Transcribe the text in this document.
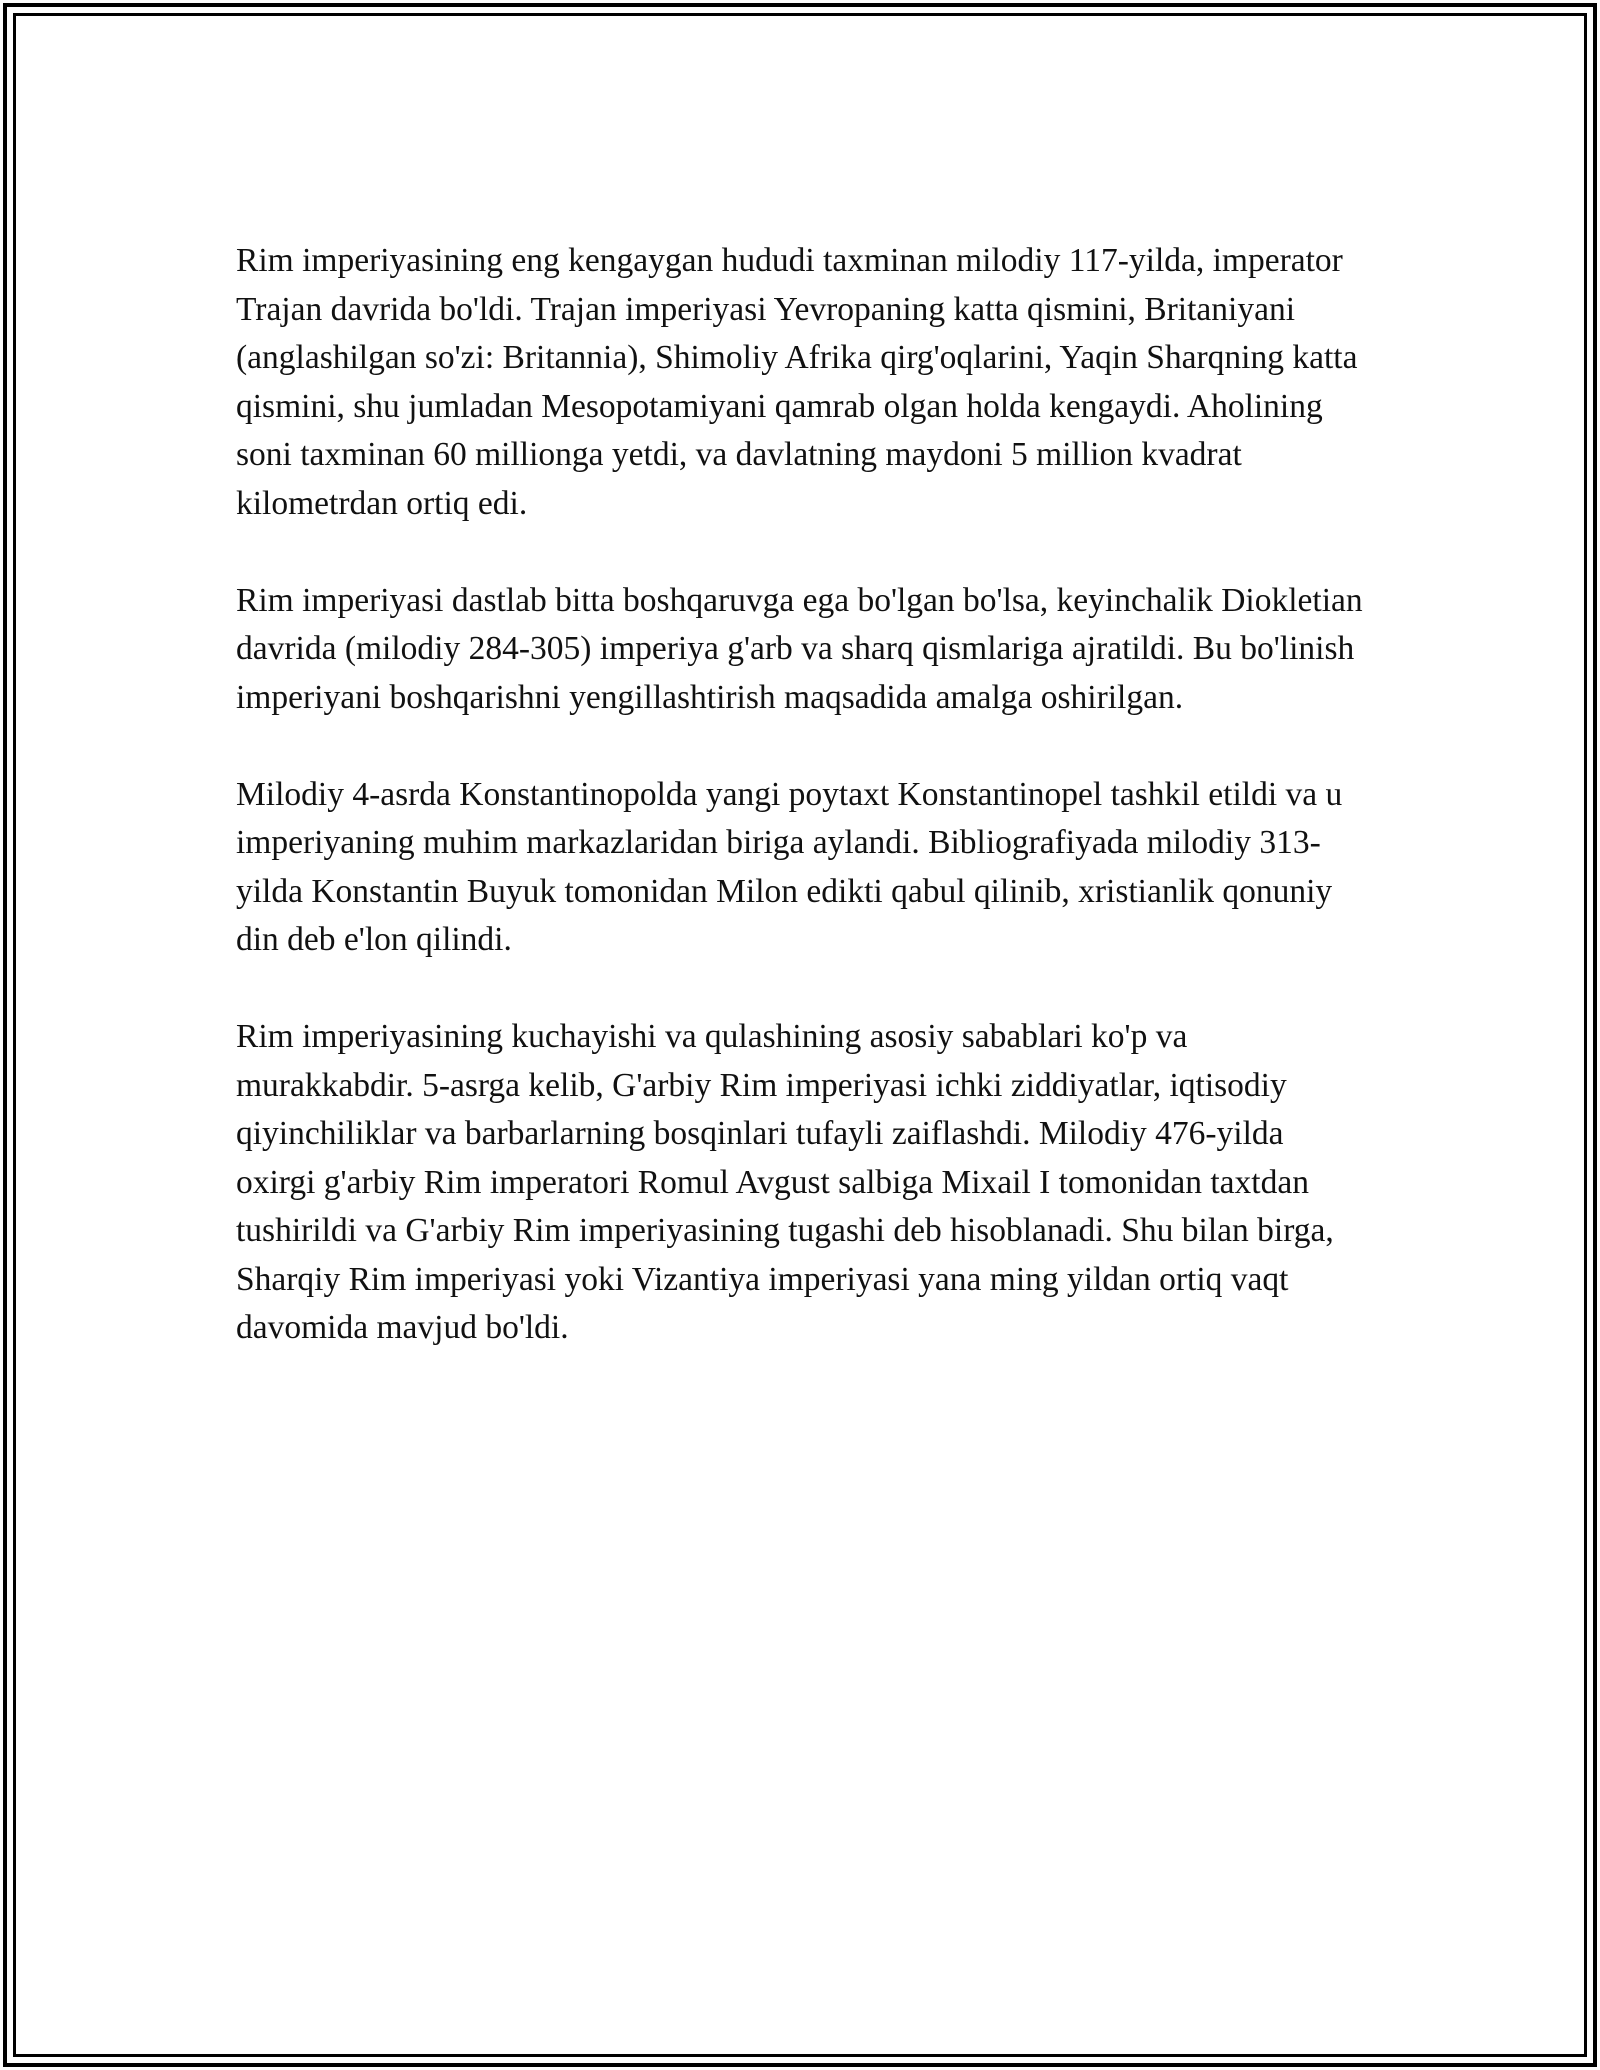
Rim imperiyasining eng kengaygan hududi taxminan milodiy 117-yilda, imperator Trajan davrida bo'ldi. Trajan imperiyasi Yevropaning katta qismini, Britaniyani (anglashilgan so'zi: Britannia), Shimoliy Afrika qirg'oqlarini, Yaqin Sharqning katta qismini, shu jumladan Mesopotamiyani qamrab olgan holda kengaydi. Aholining soni taxminan 60 millionga yetdi, va davlatning maydoni 5 million kvadrat kilometrdan ortiq edi.

Rim imperiyasi dastlab bitta boshqaruvga ega bo'lgan bo'lsa, keyinchalik Diokletian davrida (milodiy 284-305) imperiya g'arb va sharq qismlariga ajratildi. Bu bo'linish imperiyani boshqarishni yengillashtirish maqsadida amalga oshirilgan.

Milodiy 4-asrda Konstantinopolda yangi poytaxt Konstantinopel tashkil etildi va u imperiyaning muhim markazlaridan biriga aylandi. Bibliografiyada milodiy 313-yilda Konstantin Buyuk tomonidan Milon edikti qabul qilinib, xristianlik qonuniy din deb e'lon qilindi.

Rim imperiyasining kuchayishi va qulashining asosiy sabablari ko'p va murakkabdir. 5-asrga kelib, G'arbiy Rim imperiyasi ichki ziddiyatlar, iqtisodiy qiyinchiliklar va barbarlarning bosqinlari tufayli zaiflashdi. Milodiy 476-yilda oxirgi g'arbiy Rim imperatori Romul Avgust salbiga Mixail I tomonidan taxtdan tushirildi va G'arbiy Rim imperiyasining tugashi deb hisoblanadi. Shu bilan birga, Sharqiy Rim imperiyasi yoki Vizantiya imperiyasi yana ming yildan ortiq vaqt davomida mavjud bo'ldi.
